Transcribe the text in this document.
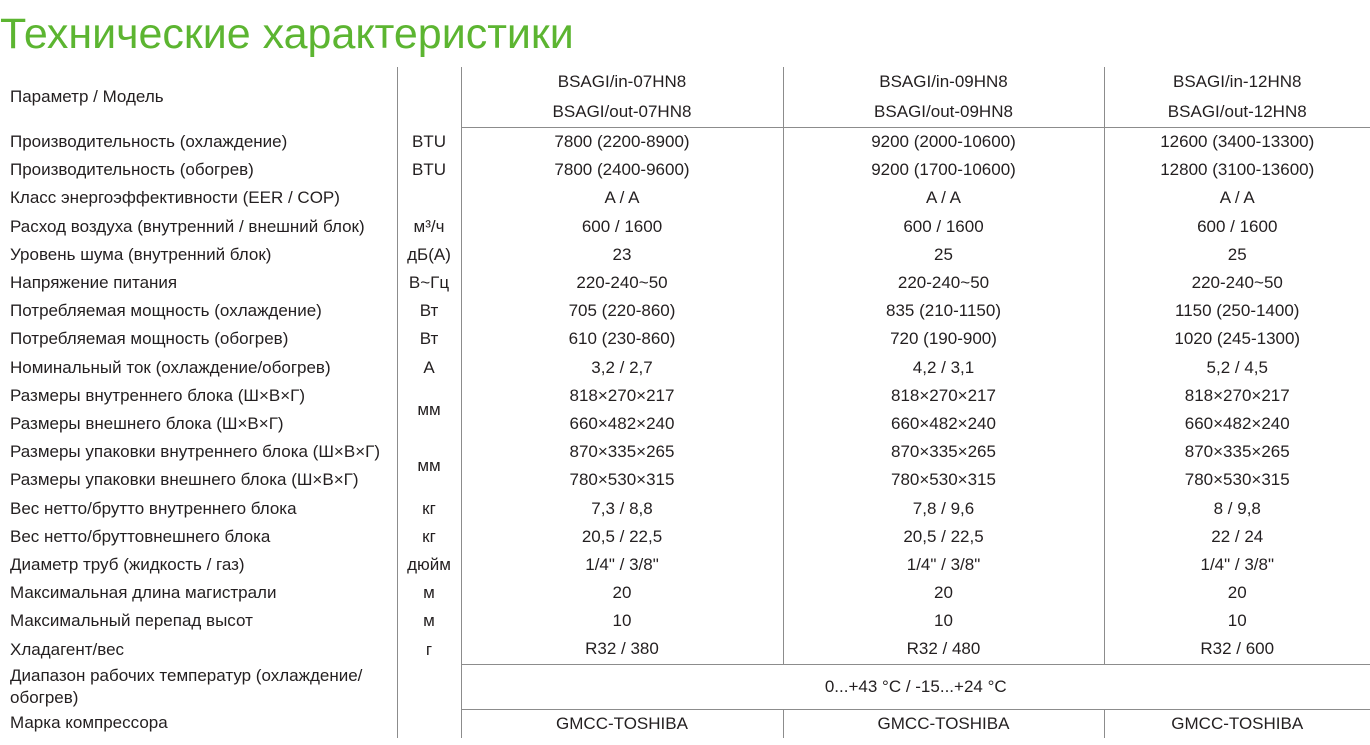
Технические характеристики
Параметр / Модель		BSAGI/in-07HN8	BSAGI/in-09HN8	BSAGI/in-12HN8
		BSAGI/out-07HN8	BSAGI/out-09HN8	BSAGI/out-12HN8
Производительность (охлаждение)	BTU	7800 (2200-8900)	9200 (2000-10600)	12600 (3400-13300)
Производительность (обогрев)	BTU	7800 (2400-9600)	9200 (1700-10600)	12800 (3100-13600)
Класс энергоэффективности (EER / COP)		A / A	A / A	A / A
Расход воздуха (внутренний / внешний блок)	м³/ч	600 / 1600	600 / 1600	600 / 1600
Уровень шума (внутренний блок)	дБ(А)	23	25	25
Напряжение питания	В~Гц	220-240~50	220-240~50	220-240~50
Потребляемая мощность (охлаждение)	Вт	705 (220-860)	835 (210-1150)	1150 (250-1400)
Потребляемая мощность (обогрев)	Вт	610 (230-860)	720 (190-900)	1020 (245-1300)
Номинальный ток (охлаждение/обогрев)	А	3,2 / 2,7	4,2 / 3,1	5,2 / 4,5
Размеры внутреннего блока (Ш×В×Г)	мм	818×270×217	818×270×217	818×270×217
Размеры внешнего блока (Ш×В×Г)		660×482×240	660×482×240	660×482×240
Размеры упаковки внутреннего блока (Ш×В×Г)	мм	870×335×265	870×335×265	870×335×265
Размеры упаковки внешнего блока (Ш×В×Г)		780×530×315	780×530×315	780×530×315
Вес нетто/брутто внутреннего блока	кг	7,3 / 8,8	7,8 / 9,6	8 / 9,8
Вес нетто/бруттовнешнего блока	кг	20,5 / 22,5	20,5 / 22,5	22 / 24
Диаметр труб (жидкость / газ)	дюйм	1/4" / 3/8"	1/4" / 3/8"	1/4" / 3/8"
Максимальная длина магистрали	м	20	20	20
Максимальный перепад высот	м	10	10	10
Хладагент/вес	г	R32 / 380	R32 / 480	R32 / 600
Диапазон рабочих температур (охлаждение/обогрев)		0...+43 °C / -15...+24 °C		
Марка компрессора		GMCC-TOSHIBA	GMCC-TOSHIBA	GMCC-TOSHIBA
